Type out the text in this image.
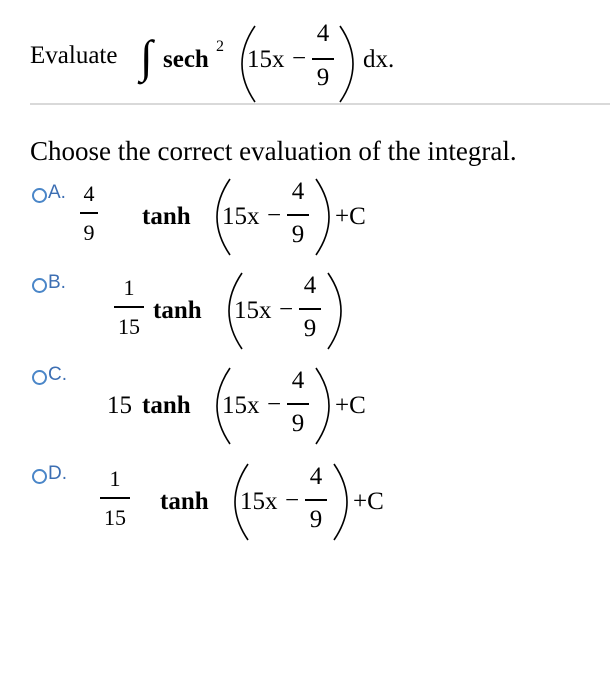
Evaluate ∫ sech 2 15x −
4
9
dx.
Choose the correct evaluation of the integral.
A. 4
9
tanh 15x −
4
9
+C
B.	1
15
tanh 15x −
4
9
C.
15 tanh 15x −
4
9
+C
D. 1
15
tanh 15x −
4
9
+C
